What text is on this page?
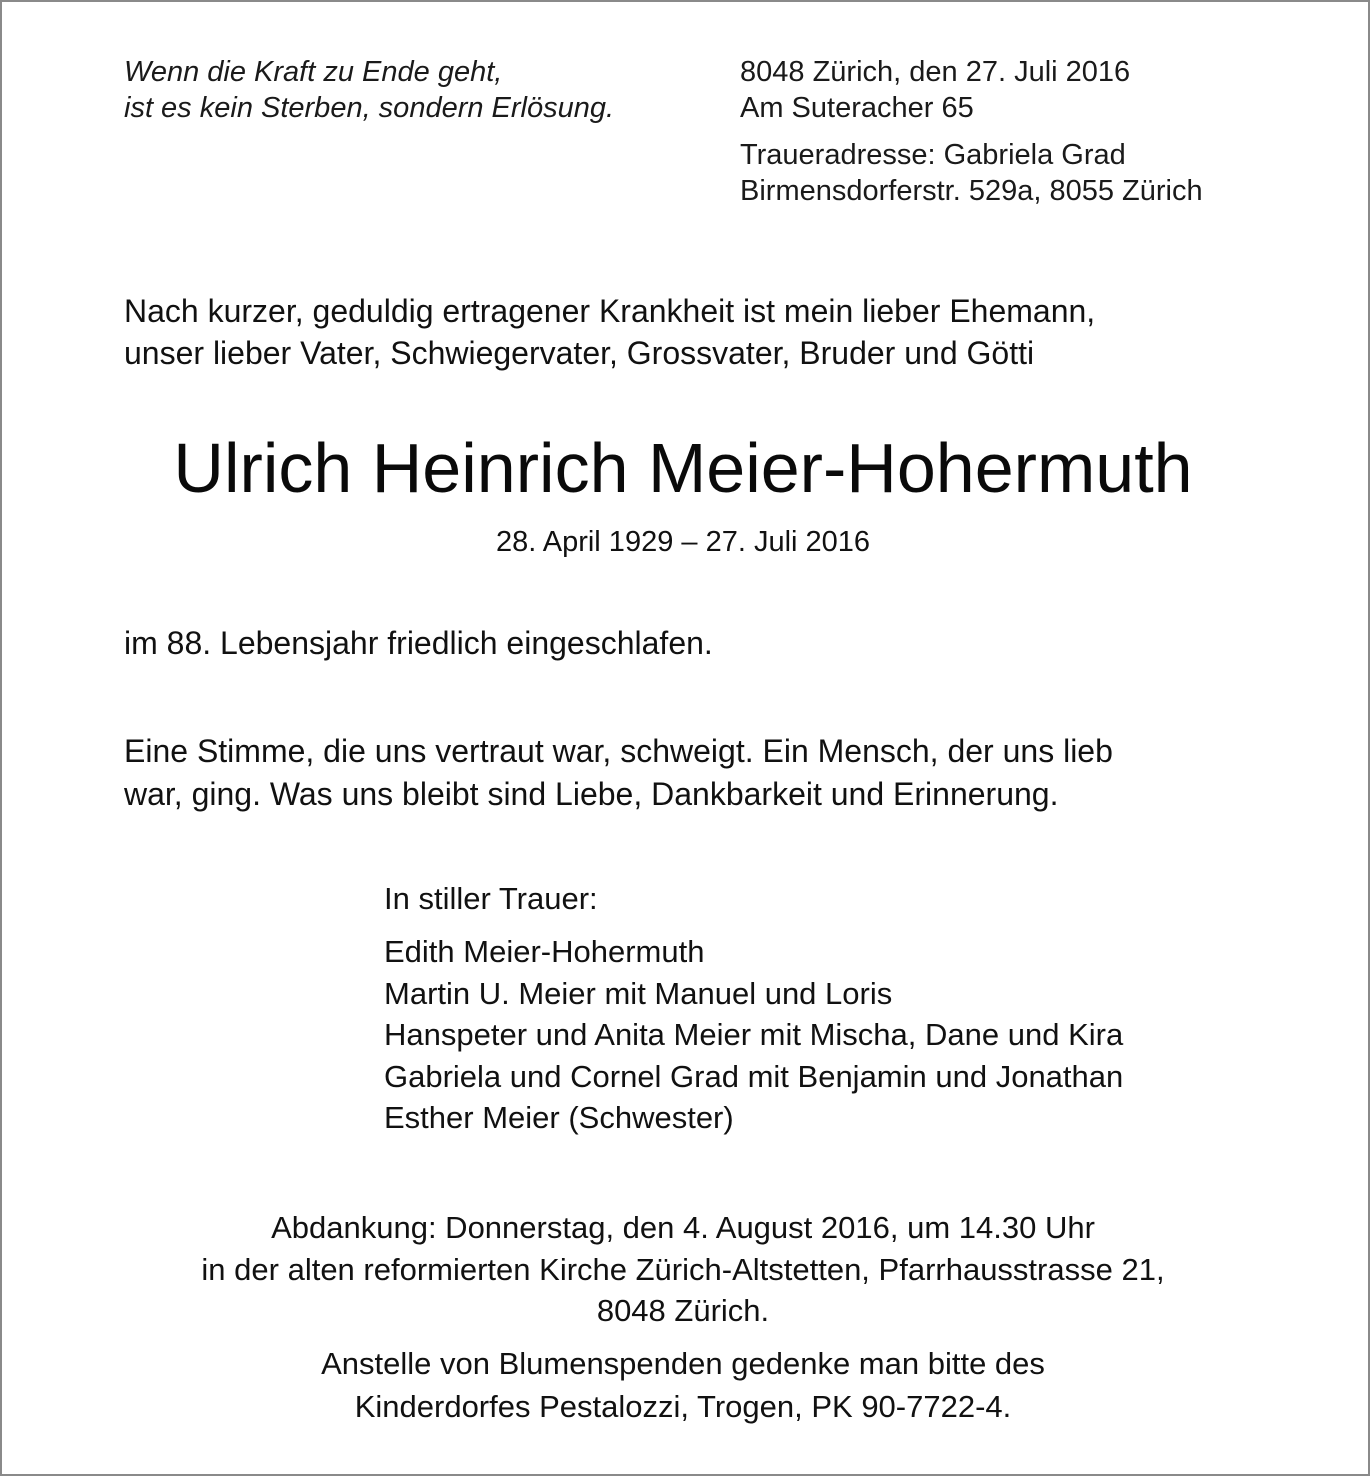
Wenn die Kraft zu Ende geht,
ist es kein Sterben, sondern Erlösung.
8048 Zürich, den 27. Juli 2016
Am Suteracher 65
Traueradresse: Gabriela Grad
Birmensdorferstr. 529a, 8055 Zürich
Nach kurzer, geduldig ertragener Krankheit ist mein lieber Ehemann,
unser lieber Vater, Schwiegervater, Grossvater, Bruder und Götti
Ulrich Heinrich Meier-Hohermuth
28. April 1929 – 27. Juli 2016
im 88. Lebensjahr friedlich eingeschlafen.
Eine Stimme, die uns vertraut war, schweigt. Ein Mensch, der uns lieb
war, ging. Was uns bleibt sind Liebe, Dankbarkeit und Erinnerung.
In stiller Trauer:
Edith Meier-Hohermuth
Martin U. Meier mit Manuel und Loris
Hanspeter und Anita Meier mit Mischa, Dane und Kira
Gabriela und Cornel Grad mit Benjamin und Jonathan
Esther Meier (Schwester)
Abdankung: Donnerstag, den 4. August 2016, um 14.30 Uhr
in der alten reformierten Kirche Zürich-Altstetten, Pfarrhausstrasse 21,
8048 Zürich.
Anstelle von Blumenspenden gedenke man bitte des
Kinderdorfes Pestalozzi, Trogen, PK 90-7722-4.
